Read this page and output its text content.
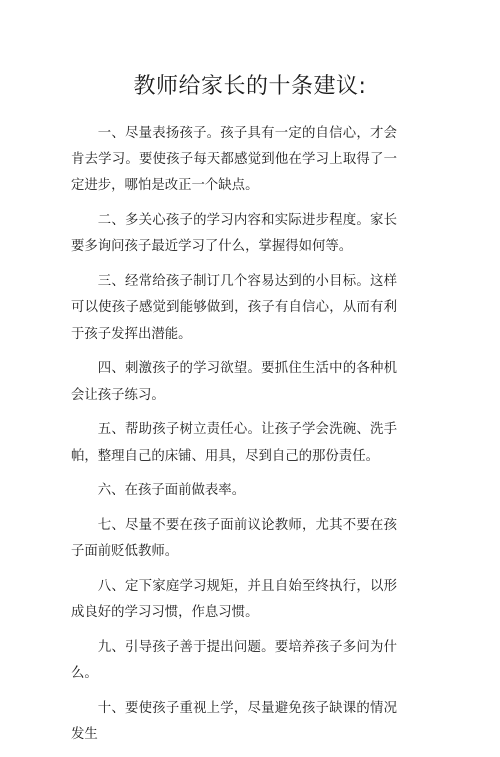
教师给家长的十条建议:

一、尽量表扬孩子。孩子具有一定的自信心，才会肯去学习。要使孩子每天都感觉到他在学习上取得了一定进步，哪怕是改正一个缺点。

二、多关心孩子的学习内容和实际进步程度。家长要多询问孩子最近学习了什么，掌握得如何等。

三、经常给孩子制订几个容易达到的小目标。这样可以使孩子感觉到能够做到，孩子有自信心，从而有利于孩子发挥出潜能。

四、刺激孩子的学习欲望。要抓住生活中的各种机会让孩子练习。

五、帮助孩子树立责任心。让孩子学会洗碗、洗手帕，整理自己的床铺、用具，尽到自己的那份责任。

六、在孩子面前做表率。

七、尽量不要在孩子面前议论教师，尤其不要在孩子面前贬低教师。

八、定下家庭学习规矩，并且自始至终执行，以形成良好的学习习惯，作息习惯。

九、引导孩子善于提出问题。要培养孩子多问为什么。

十、要使孩子重视上学，尽量避免孩子缺课的情况发生
